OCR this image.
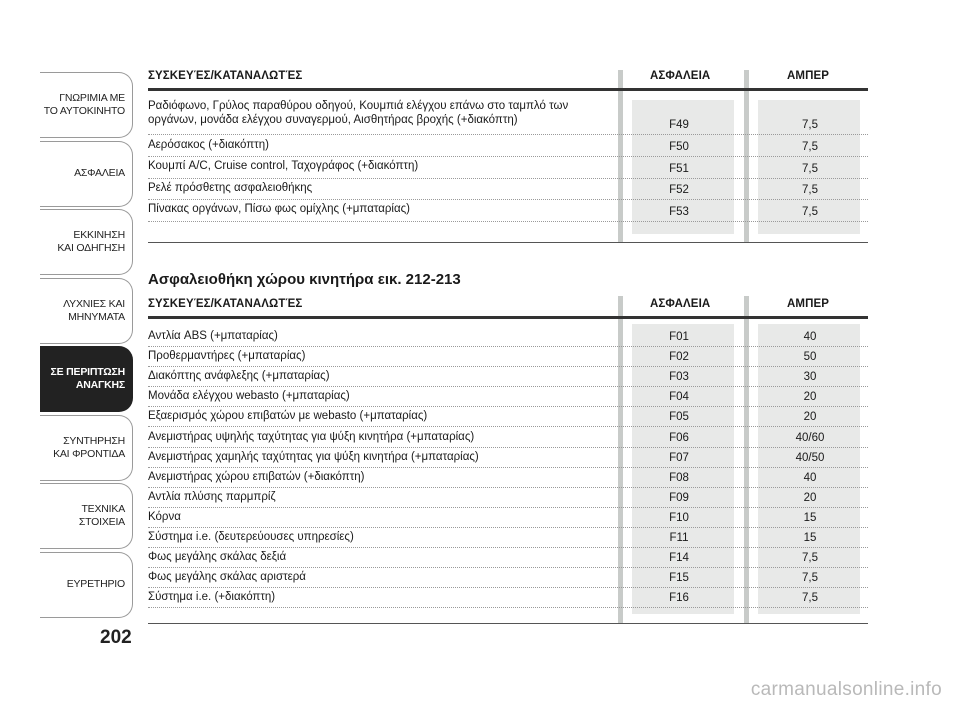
ΓΝΩΡΙΜΙΑ ΜΕ
ΤΟ ΑΥΤΟΚΙΝΗΤΟ
ΑΣΦΑΛΕΙΑ
ΕΚΚΙΝΗΣΗ
ΚΑΙ ΟΔΗΓΗΣΗ
ΛΥΧΝΙΕΣ ΚΑΙ
ΜΗΝΥΜΑΤΑ
ΣΕ ΠΕΡΙΠΤΩΣΗ
ΑΝΑΓΚΗΣ
ΣΥΝΤΗΡΗΣΗ
ΚΑΙ ΦΡΟΝΤΙΔΑ
ΤΕΧΝΙΚΑ
ΣΤΟΙΧΕΙΑ
ΕΥΡΕΤΗΡΙΟ
202
ΣΥΣΚΕΥΈΣ/ΚΑΤΑΝΑΛΩΤΈΣ	ΑΣΦΑΛΕΙΑ	ΑΜΠΕΡ
Ραδιόφωνο, Γρύλος παραθύρου οδηγού, Κουμπιά ελέγχου επάνω στο ταμπλό των οργάνων, μονάδα ελέγχου συναγερμού, Αισθητήρας βροχής (+διακόπτη)	F49	7,5
Αερόσακος (+διακόπτη)	F50	7,5
Κουμπί A/C, Cruise control, Ταχογράφος (+διακόπτη)	F51	7,5
Ρελέ πρόσθετης ασφαλειοθήκης	F52	7,5
Πίνακας οργάνων, Πίσω φως ομίχλης (+μπαταρίας)	F53	7,5
Ασφαλειοθήκη χώρου κινητήρα εικ. 212-213
ΣΥΣΚΕΥΈΣ/ΚΑΤΑΝΑΛΩΤΈΣ	ΑΣΦΑΛΕΙΑ	ΑΜΠΕΡ
Αντλία ABS (+μπαταρίας)	F01	40
Προθερμαντήρες (+μπαταρίας)	F02	50
Διακόπτης ανάφλεξης (+μπαταρίας)	F03	30
Μονάδα ελέγχου webasto (+μπαταρίας)	F04	20
Εξαερισμός χώρου επιβατών με webasto (+μπαταρίας)	F05	20
Ανεμιστήρας υψηλής ταχύτητας για ψύξη κινητήρα (+μπαταρίας)	F06	40/60
Ανεμιστήρας χαμηλής ταχύτητας για ψύξη κινητήρα (+μπαταρίας)	F07	40/50
Ανεμιστήρας χώρου επιβατών (+διακόπτη)	F08	40
Αντλία πλύσης παρμπρίζ	F09	20
Κόρνα	F10	15
Σύστημα i.e. (δευτερεύουσες υπηρεσίες)	F11	15
Φως μεγάλης σκάλας δεξιά	F14	7,5
Φως μεγάλης σκάλας αριστερά	F15	7,5
Σύστημα i.e. (+διακόπτη)	F16	7,5
carmanualsonline.info
